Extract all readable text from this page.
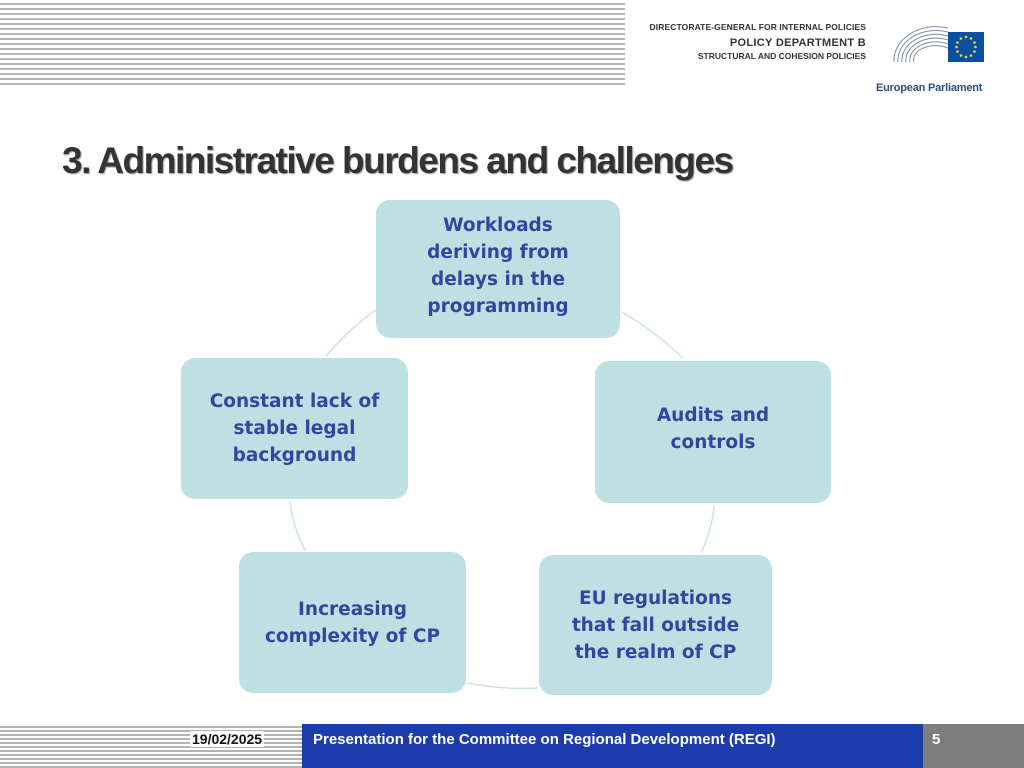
DIRECTORATE-GENERAL FOR INTERNAL POLICIES
POLICY DEPARTMENT B
STRUCTURAL AND COHESION POLICIES
European Parliament
3. Administrative burdens and challenges
Workloads
deriving from
delays in the
programming
Audits and
controls
EU regulations
that fall outside
the realm of CP
Increasing
complexity of CP
Constant lack of
stable legal
background
19/02/2025	Presentation for the Committee on Regional Development (REGI)	5
